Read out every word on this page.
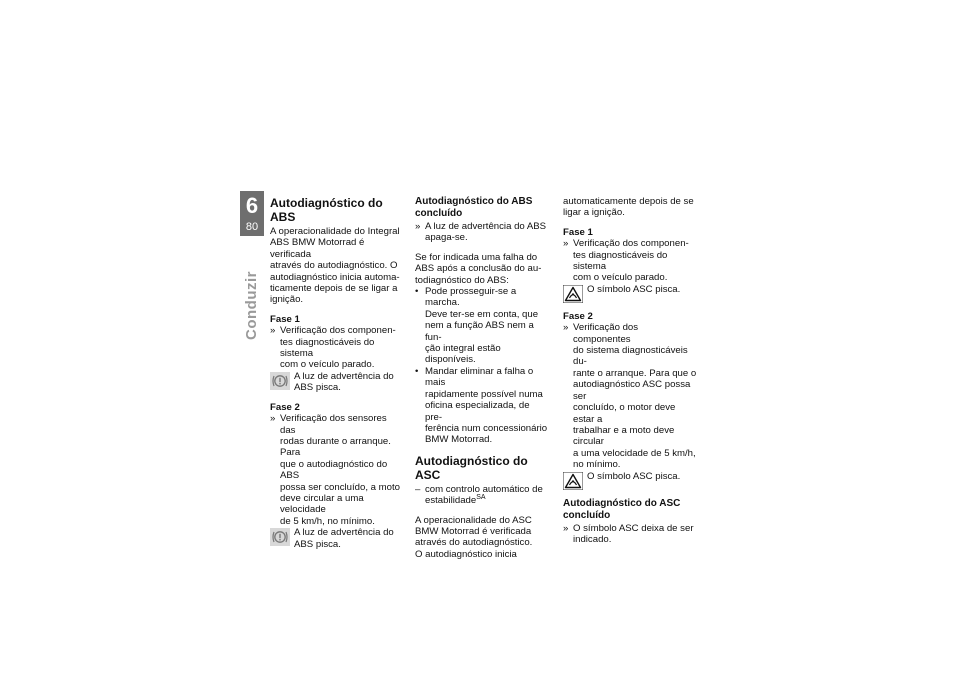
6
80
Conduzir
Autodiagnóstico do ABS

A operacionalidade do Integral
ABS BMW Motorrad é verificada
através do autodiagnóstico. O
autodiagnóstico inicia automa-
ticamente depois de se ligar a
ignição.

Fase 1

» Verificação dos componen-
tes diagnosticáveis do sistema
com o veículo parado.
A luz de advertência do
ABS pisca.

Fase 2

» Verificação dos sensores das
rodas durante o arranque. Para
que o autodiagnóstico do ABS
possa ser concluído, a moto
deve circular a uma velocidade
de 5 km/h, no mínimo.
A luz de advertência do
ABS pisca.
Autodiagnóstico do ABS
concluído
» A luz de advertência do ABS
apaga-se.

Se for indicada uma falha do
ABS após a conclusão do au-
todiagnóstico do ABS:

• Pode prosseguir-se a marcha.
Deve ter-se em conta, que
nem a função ABS nem a fun-
ção integral estão disponíveis.
• Mandar eliminar a falha o mais
rapidamente possível numa
oficina especializada, de pre-
ferência num concessionário
BMW Motorrad.
Autodiagnóstico do ASC
– com controlo automático de
estabilidade$^{SA}$

A operacionalidade do ASC
BMW Motorrad é verificada
através do autodiagnóstico.
O autodiagnóstico inicia

automaticamente depois de se
ligar a ignição.

Fase 1

» Verificação dos componen-
tes diagnosticáveis do sistema
com o veículo parado.
O símbolo ASC pisca.

Fase 2

» Verificação dos componentes
do sistema diagnosticáveis du-
rante o arranque. Para que o
autodiagnóstico ASC possa ser
concluído, o motor deve estar a
trabalhar e a moto deve circular
a uma velocidade de 5 km/h,
no mínimo.
O símbolo ASC pisca.
Autodiagnóstico do ASC
concluído
» O símbolo ASC deixa de ser
indicado.
